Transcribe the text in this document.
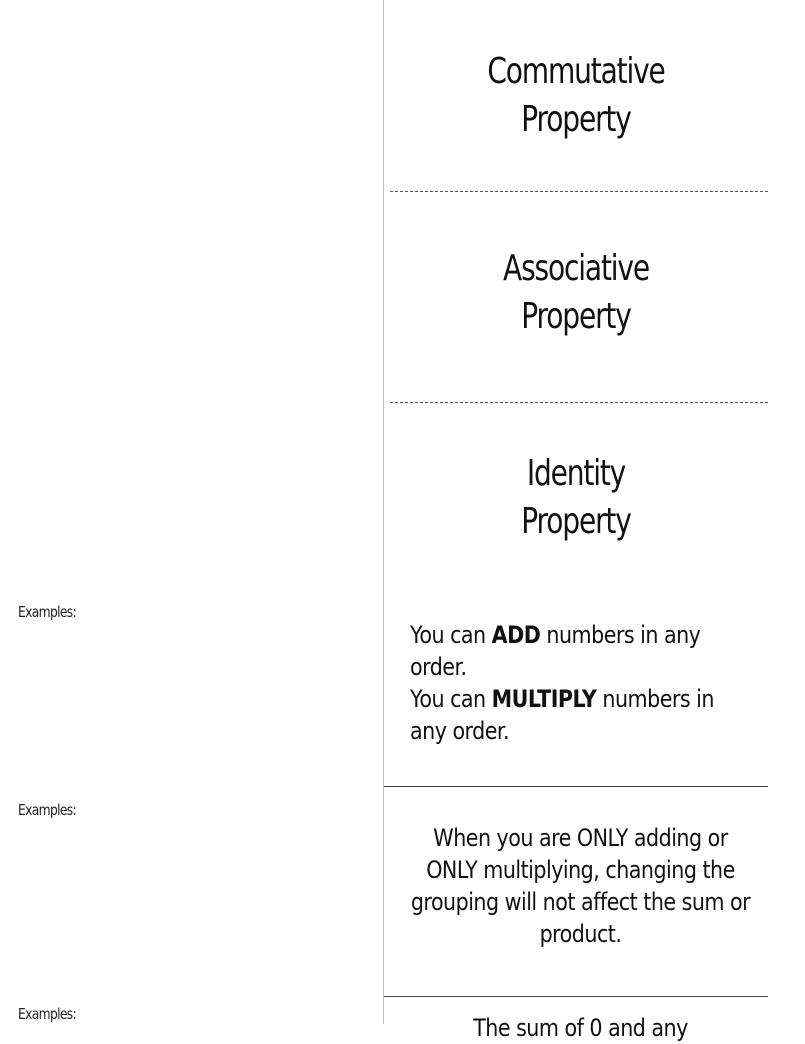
Commutative
Property
Associative
Property
Identity
Property
Examples:
Examples:
Examples:
You can ADD numbers in any order.
You can MULTIPLY numbers in any order.
When you are ONLY adding or ONLY multiplying, changing the grouping will not affect the sum or product.
The sum of 0 and any
